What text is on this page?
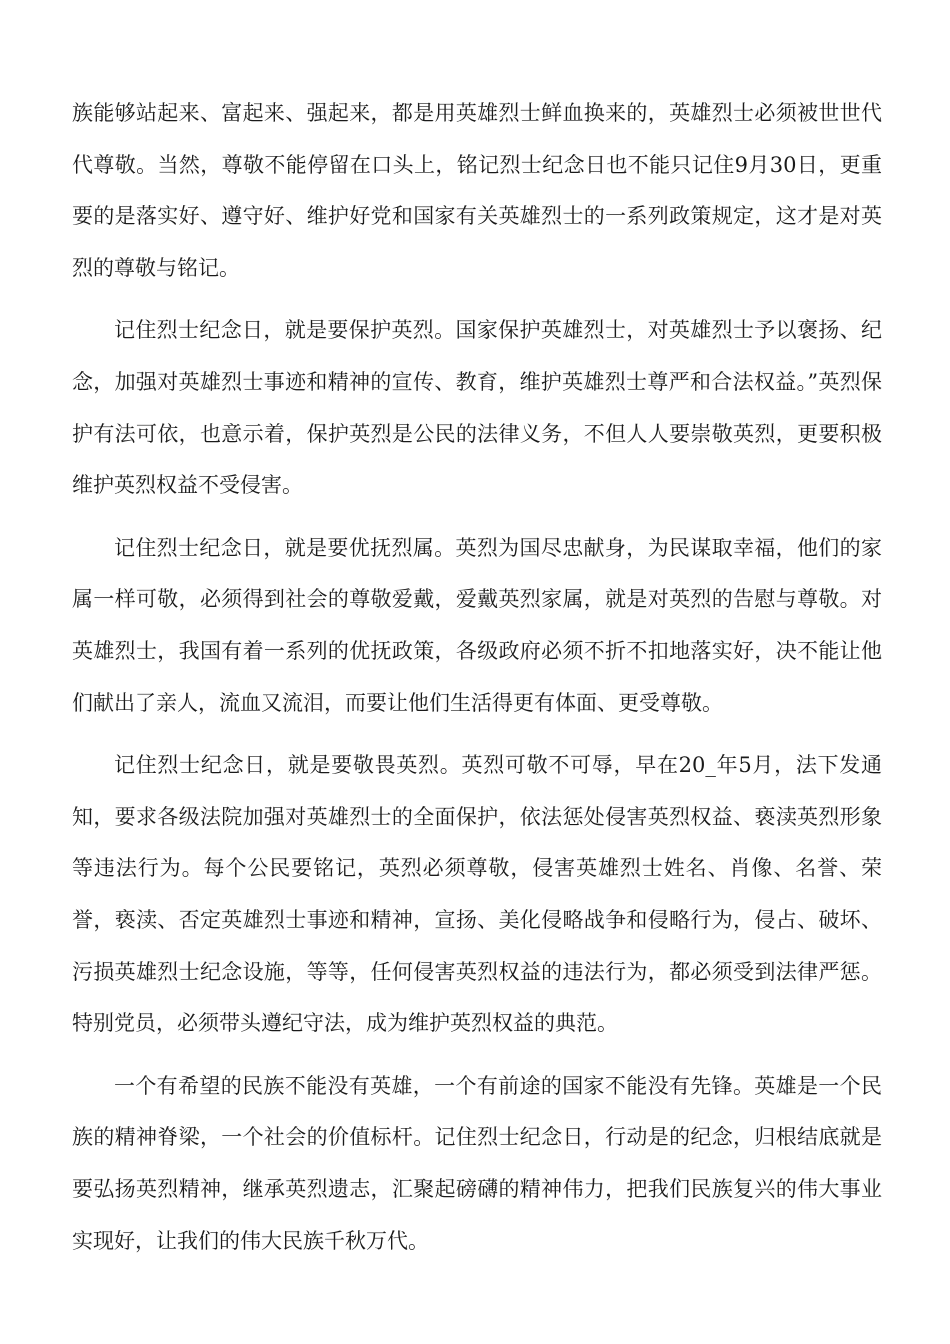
族能够站起来、富起来、强起来，都是用英雄烈士鲜血换来的，英雄烈士必须被世世代代尊敬。当然，尊敬不能停留在口头上，铭记烈士纪念日也不能只记住9月30日，更重要的是落实好、遵守好、维护好党和国家有关英雄烈士的一系列政策规定，这才是对英烈的尊敬与铭记。

记住烈士纪念日，就是要保护英烈。国家保护英雄烈士，对英雄烈士予以褒扬、纪念，加强对英雄烈士事迹和精神的宣传、教育，维护英雄烈士尊严和合法权益。”英烈保护有法可依，也意示着，保护英烈是公民的法律义务，不但人人要崇敬英烈，更要积极维护英烈权益不受侵害。

记住烈士纪念日，就是要优抚烈属。英烈为国尽忠献身，为民谋取幸福，他们的家属一样可敬，必须得到社会的尊敬爱戴，爱戴英烈家属，就是对英烈的告慰与尊敬。对英雄烈士，我国有着一系列的优抚政策，各级政府必须不折不扣地落实好，决不能让他们献出了亲人，流血又流泪，而要让他们生活得更有体面、更受尊敬。

记住烈士纪念日，就是要敬畏英烈。英烈可敬不可辱，早在20_年5月，法下发通知，要求各级法院加强对英雄烈士的全面保护，依法惩处侵害英烈权益、亵渎英烈形象等违法行为。每个公民要铭记，英烈必须尊敬，侵害英雄烈士姓名、肖像、名誉、荣誉，亵渎、否定英雄烈士事迹和精神，宣扬、美化侵略战争和侵略行为，侵占、破坏、污损英雄烈士纪念设施，等等，任何侵害英烈权益的违法行为，都必须受到法律严惩。特别党员，必须带头遵纪守法，成为维护英烈权益的典范。

一个有希望的民族不能没有英雄，一个有前途的国家不能没有先锋。英雄是一个民族的精神脊梁，一个社会的价值标杆。记住烈士纪念日，行动是的纪念，归根结底就是要弘扬英烈精神，继承英烈遗志，汇聚起磅礴的精神伟力，把我们民族复兴的伟大事业实现好，让我们的伟大民族千秋万代。
